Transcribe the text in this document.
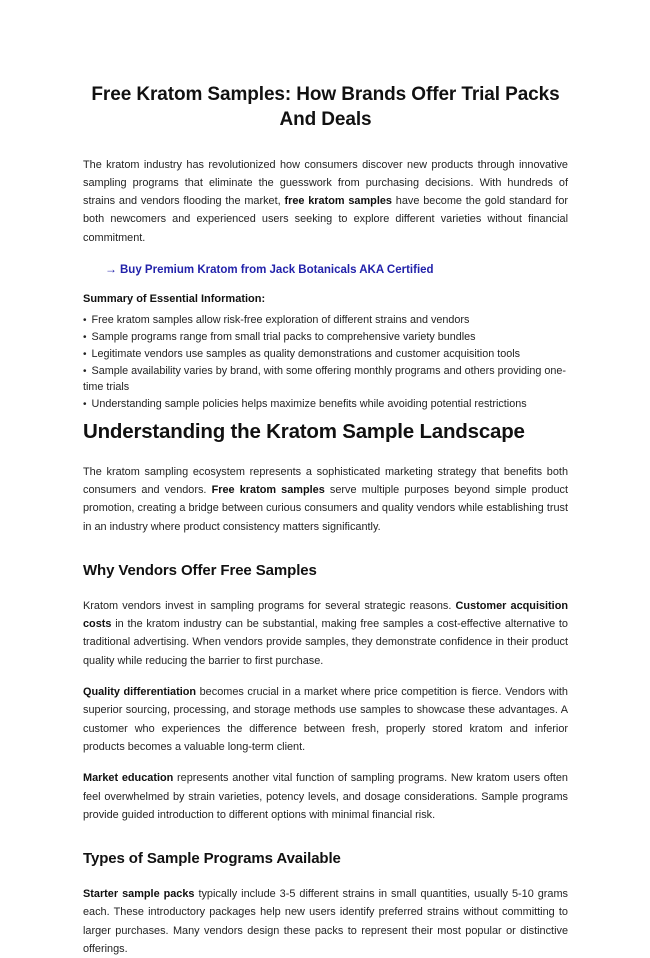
Free Kratom Samples: How Brands Offer Trial Packs And Deals

The kratom industry has revolutionized how consumers discover new products through innovative sampling programs that eliminate the guesswork from purchasing decisions. With hundreds of strains and vendors flooding the market, free kratom samples have become the gold standard for both newcomers and experienced users seeking to explore different varieties without financial commitment.

→ Buy Premium Kratom from Jack Botanicals AKA Certified
Summary of Essential Information:
• Free kratom samples allow risk-free exploration of different strains and vendors
• Sample programs range from small trial packs to comprehensive variety bundles
• Legitimate vendors use samples as quality demonstrations and customer acquisition tools
• Sample availability varies by brand, with some offering monthly programs and others providing one-time trials
• Understanding sample policies helps maximize benefits while avoiding potential restrictions
Understanding the Kratom Sample Landscape

The kratom sampling ecosystem represents a sophisticated marketing strategy that benefits both consumers and vendors. Free kratom samples serve multiple purposes beyond simple product promotion, creating a bridge between curious consumers and quality vendors while establishing trust in an industry where product consistency matters significantly.

Why Vendors Offer Free Samples

Kratom vendors invest in sampling programs for several strategic reasons. Customer acquisition costs in the kratom industry can be substantial, making free samples a cost-effective alternative to traditional advertising. When vendors provide samples, they demonstrate confidence in their product quality while reducing the barrier to first purchase.

Quality differentiation becomes crucial in a market where price competition is fierce. Vendors with superior sourcing, processing, and storage methods use samples to showcase these advantages. A customer who experiences the difference between fresh, properly stored kratom and inferior products becomes a valuable long-term client.

Market education represents another vital function of sampling programs. New kratom users often feel overwhelmed by strain varieties, potency levels, and dosage considerations. Sample programs provide guided introduction to different options with minimal financial risk.

Types of Sample Programs Available

Starter sample packs typically include 3-5 different strains in small quantities, usually 5-10 grams each. These introductory packages help new users identify preferred strains without committing to larger purchases. Many vendors design these packs to represent their most popular or distinctive offerings.
